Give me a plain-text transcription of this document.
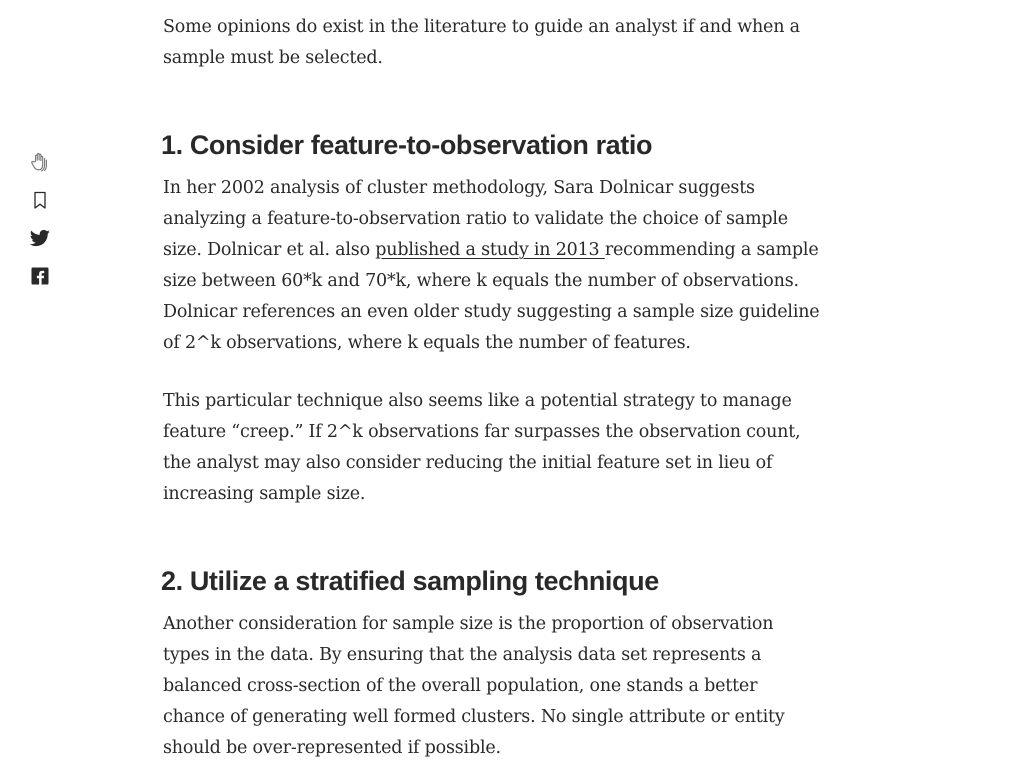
Some opinions do exist in the literature to guide an analyst if and when a sample must be selected.

1. Consider feature-to-observation ratio

In her 2002 analysis of cluster methodology, Sara Dolnicar suggests analyzing a feature-to-observation ratio to validate the choice of sample size. Dolnicar et al. also published a study in 2013 recommending a sample size between 60*k and 70*k, where k equals the number of observations. Dolnicar references an even older study suggesting a sample size guideline of 2^k observations, where k equals the number of features.

This particular technique also seems like a potential strategy to manage feature “creep.” If 2^k observations far surpasses the observation count, the analyst may also consider reducing the initial feature set in lieu of increasing sample size.

2. Utilize a stratified sampling technique

Another consideration for sample size is the proportion of observation types in the data. By ensuring that the analysis data set represents a balanced cross-section of the overall population, one stands a better chance of generating well formed clusters. No single attribute or entity should be over-represented if possible.
